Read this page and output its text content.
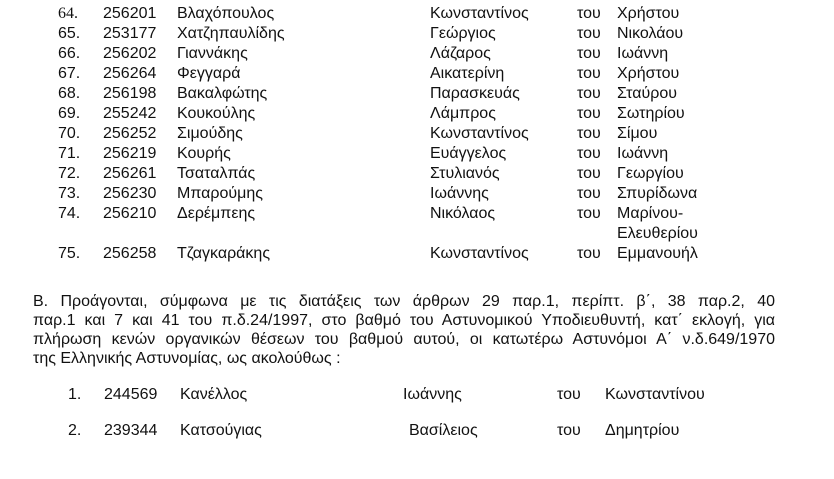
64. 256201 Βλαχόπουλος	Κωνσταντίνος	του Χρήστου
65. 253177 Χατζηπαυλίδης	Γεώργιος	του Νικολάου
66. 256202 Γιαννάκης	Λάζαρος	του Ιωάννη
67. 256264 Φεγγαρά	Αικατερίνη	του Χρήστου
68. 256198 Βακαλφώτης	Παρασκευάς	του Σταύρου
69. 255242 Κουκούλης	Λάμπρος	του Σωτηρίου
70. 256252 Σιμούδης	Κωνσταντίνος	του Σίμου
71. 256219 Κουρής	Ευάγγελος	του Ιωάννη
72. 256261 Τσαταλπάς	Στυλιανός	του Γεωργίου
73. 256230 Μπαρούμης	Ιωάννης	του Σπυρίδωνα
74. 256210 Δερέμπεης	Νικόλαος	του Μαρίνου-
Ελευθερίου
75. 256258 Τζαγκαράκης	Κωνσταντίνος	του Εμμανουήλ
Β. Προάγονται, σύμφωνα με τις διατάξεις των άρθρων 29 παρ.1, περίπτ. β΄, 38 παρ.2, 40
παρ.1 και 7 και 41 του π.δ.24/1997, στο βαθμό του Αστυνομικού Υποδιευθυντή, κατ΄ εκλογή, για
πλήρωση κενών οργανικών θέσεων του βαθμού αυτού, οι κατωτέρω Αστυνόμοι Α΄ ν.δ.649/1970
της Ελληνικής Αστυνομίας, ως ακολούθως :
1. 244569 Κανέλλος	Ιωάννης	του Κωνσταντίνου
2. 239344 Κατσούγιας	Βασίλειος	του Δημητρίου
